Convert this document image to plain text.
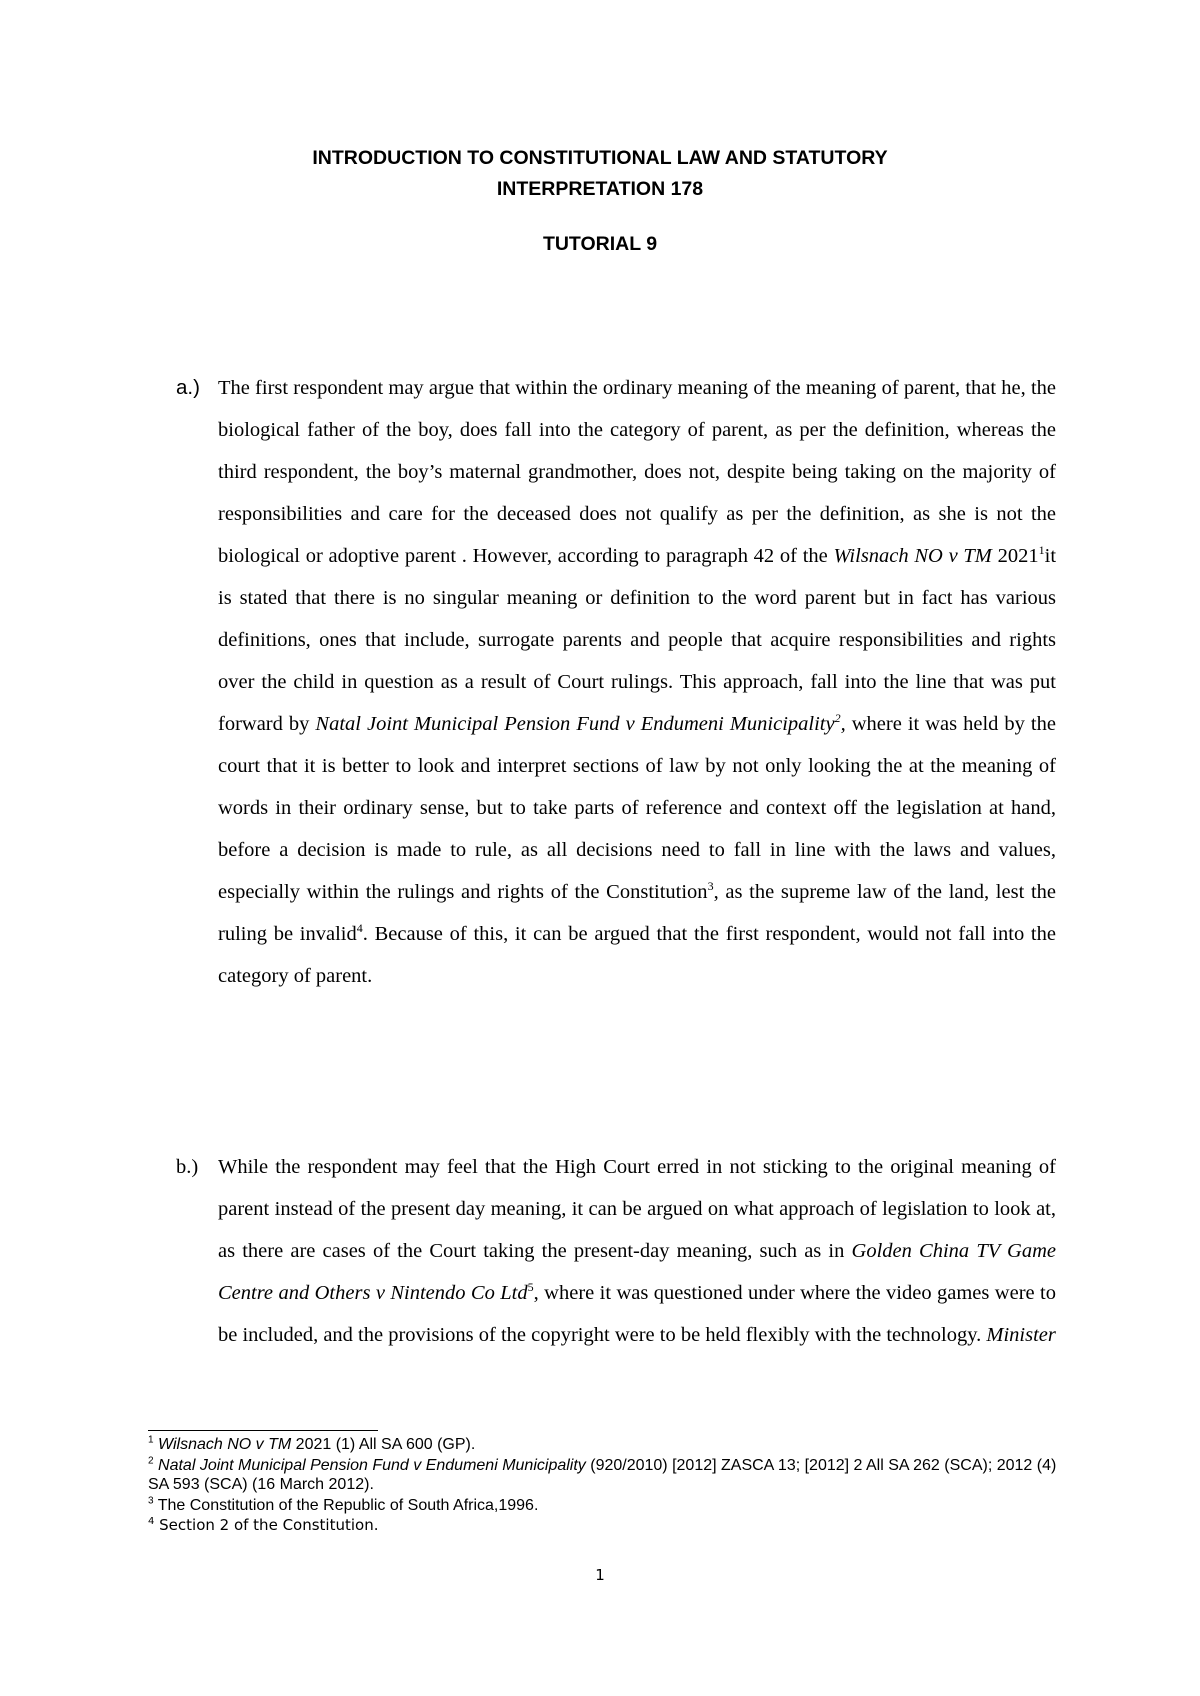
INTRODUCTION TO CONSTITUTIONAL LAW AND STATUTORY
INTERPRETATION 178
TUTORIAL 9

a.) The first respondent may argue that within the ordinary meaning of the meaning of parent, that he, the biological father of the boy, does fall into the category of parent, as per the definition, whereas the third respondent, the boy’s maternal grandmother, does not, despite being taking on the majority of responsibilities and care for the deceased does not qualify as per the definition, as she is not the biological or adoptive parent . However, according to paragraph 42 of the Wilsnach NO v TM 2021$^1$it is stated that there is no singular meaning or definition to the word parent but in fact has various definitions, ones that include, surrogate parents and people that acquire responsibilities and rights over the child in question as a result of Court rulings. This approach, fall into the line that was put forward by Natal Joint Municipal Pension Fund v Endumeni Municipality$^2$, where it was held by the court that it is better to look and interpret sections of law by not only looking the at the meaning of words in their ordinary sense, but to take parts of reference and context off the legislation at hand, before a decision is made to rule, as all decisions need to fall in line with the laws and values, especially within the rulings and rights of the Constitution$^3$, as the supreme law of the land, lest the ruling be invalid$^4$. Because of this, it can be argued that the first respondent, would not fall into the category of parent.

b.) While the respondent may feel that the High Court erred in not sticking to the original meaning of parent instead of the present day meaning, it can be argued on what approach of legislation to look at, as there are cases of the Court taking the present-day meaning, such as in Golden China TV Game Centre and Others v Nintendo Co Ltd$^5$, where it was questioned under where the video games were to be included, and the provisions of the copyright were to be held flexibly with the technology. Minister

$^1$ Wilsnach NO v TM 2021 (1) All SA 600 (GP).
$^2$ Natal Joint Municipal Pension Fund v Endumeni Municipality (920/2010) [2012] ZASCA 13; [2012] 2 All SA 262 (SCA); 2012 (4) SA 593 (SCA) (16 March 2012).
$^3$ The Constitution of the Republic of South Africa,1996.
$^4$ Section 2 of the Constitution.
1
